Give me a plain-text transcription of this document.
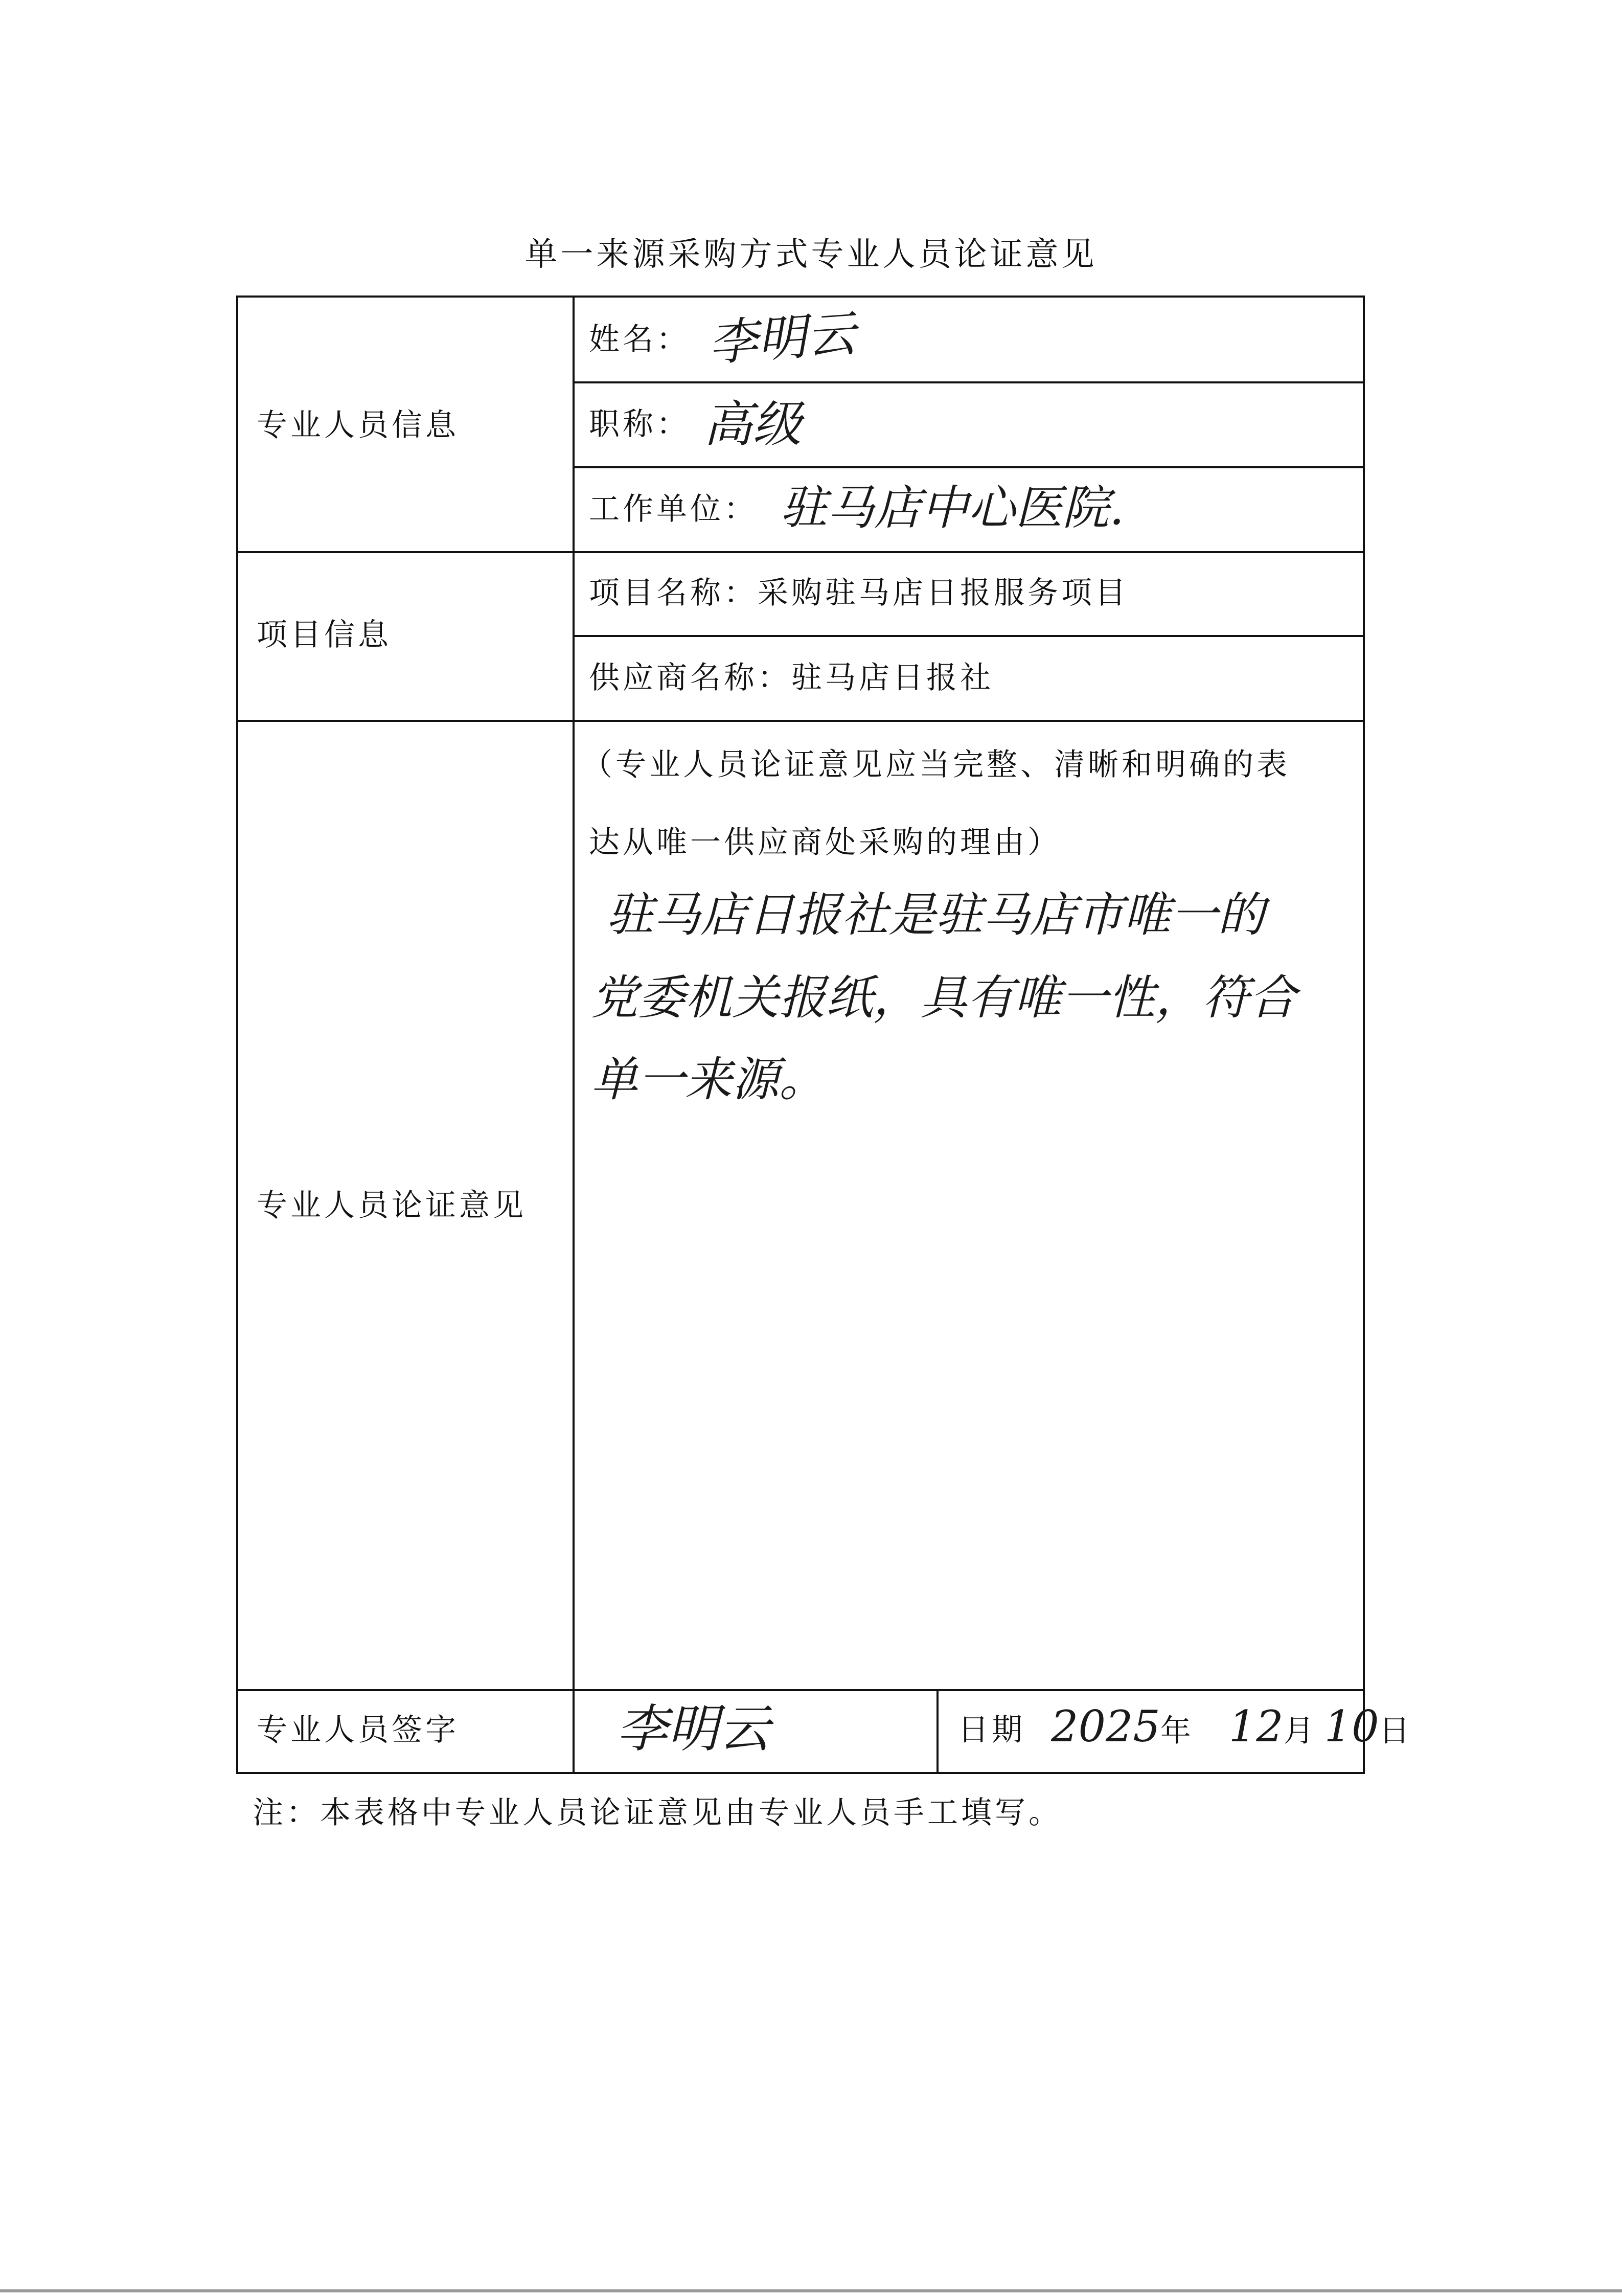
单一来源采购方式专业人员论证意见
专业人员信息
姓名： 李明云
职称： 高级
工作单位： 驻马店中心医院.
项目信息
项目名称：采购驻马店日报服务项目
供应商名称：驻马店日报社
专业人员论证意见
（专业人员论证意见应当完整、清晰和明确的表
达从唯一供应商处采购的理由）
驻马店日报社是驻马店市唯一的
党委机关报纸，具有唯一性，符合
单一来源。
专业人员签字	李明云	日期 2025年 12月 10日
注：本表格中专业人员论证意见由专业人员手工填写。
